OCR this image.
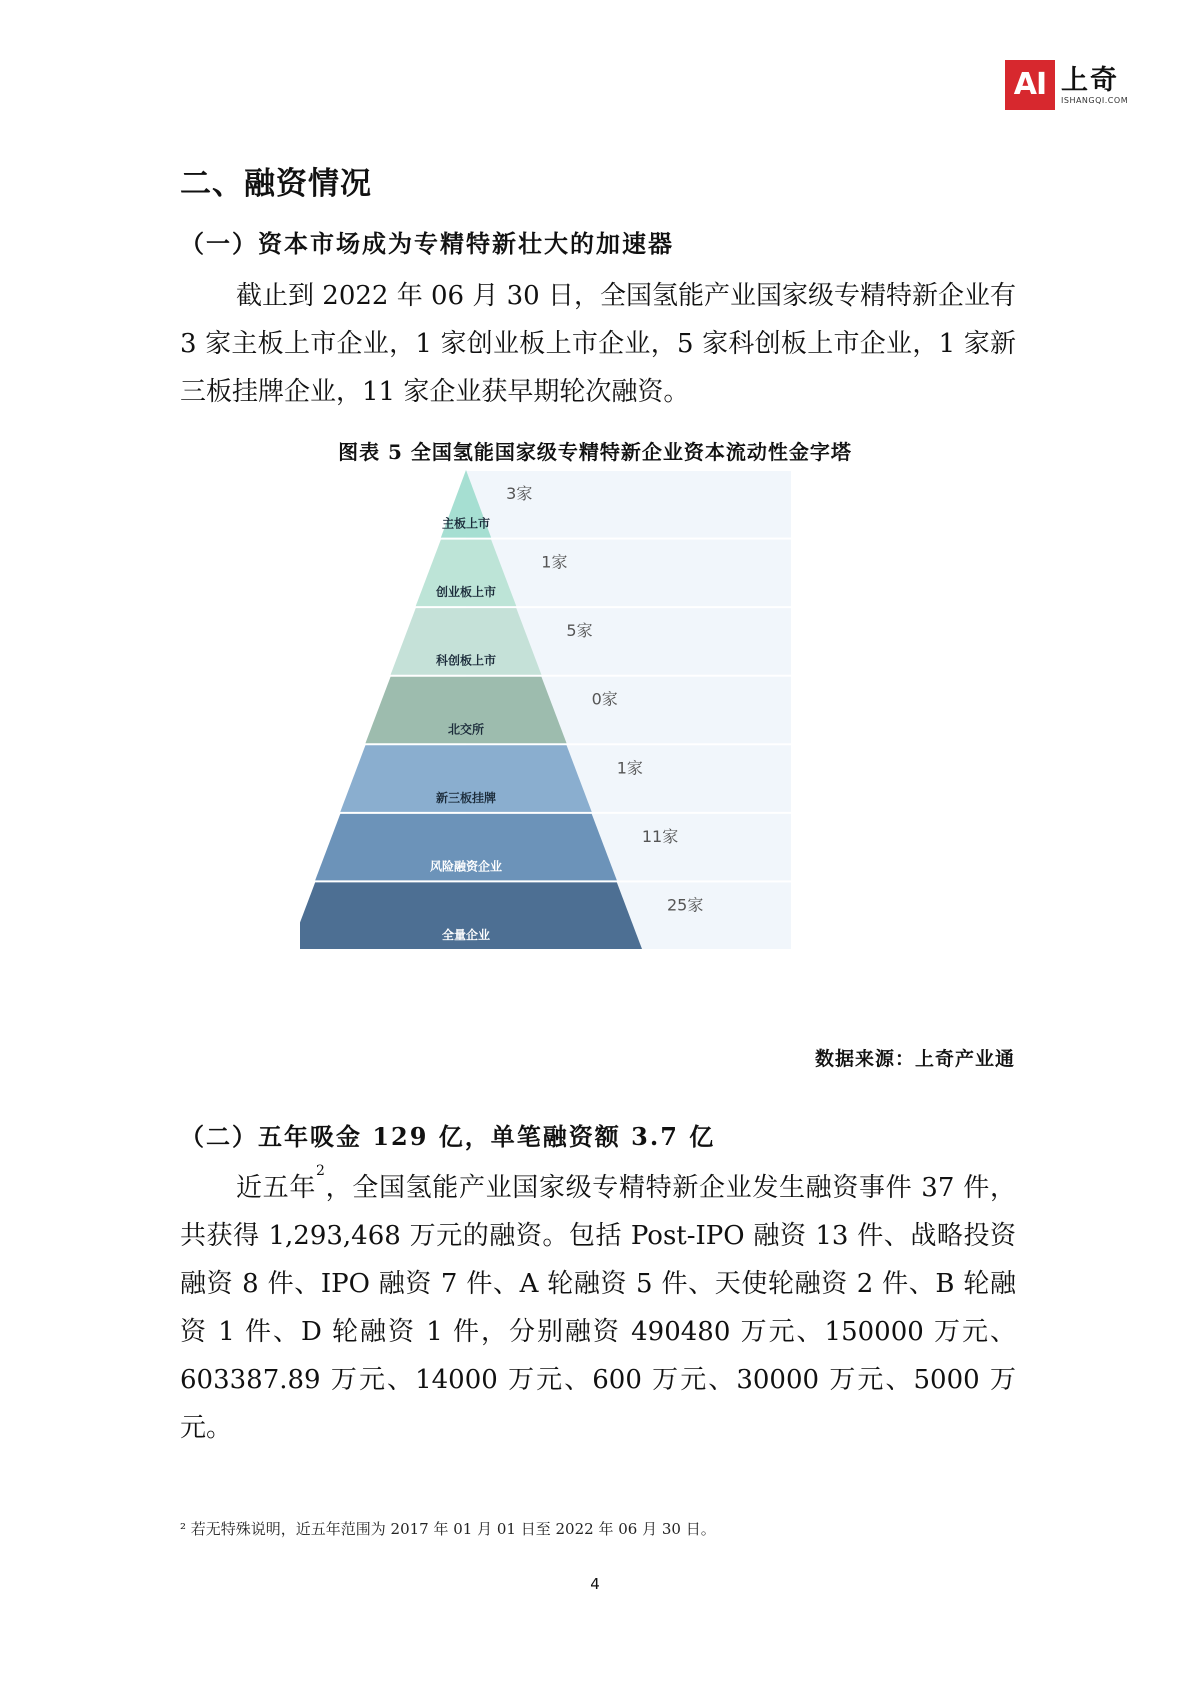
AI 上奇
ISHANGQI.COM
二、融资情况
（一）资本市场成为专精特新壮大的加速器

截止到 2022 年 06 月 30 日，全国氢能产业国家级专精特新企业有 3 家主板上市企业，1 家创业板上市企业，5 家科创板上市企业，1 家新三板挂牌企业，11 家企业获早期轮次融资。

图表 5 全国氢能国家级专精特新企业资本流动性金字塔
主板上市
3家
创业板上市
1家
科创板上市
5家
北交所
0家
新三板挂牌
1家
风险融资企业
11家
全量企业
25家
数据来源：上奇产业通
（二）五年吸金 129 亿，单笔融资额 3.7 亿

近五年$^2$，全国氢能产业国家级专精特新企业发生融资事件 37 件，共获得 1,293,468 万元的融资。包括 Post-IPO 融资 13 件、战略投资融资 8 件、IPO 融资 7 件、A 轮融资 5 件、天使轮融资 2 件、B 轮融资 1 件、D 轮融资 1 件，分别融资 490480 万元、150000 万元、603387.89 万元、14000 万元、600 万元、30000 万元、5000 万元。

² 若无特殊说明，近五年范围为 2017 年 01 月 01 日至 2022 年 06 月 30 日。
4
